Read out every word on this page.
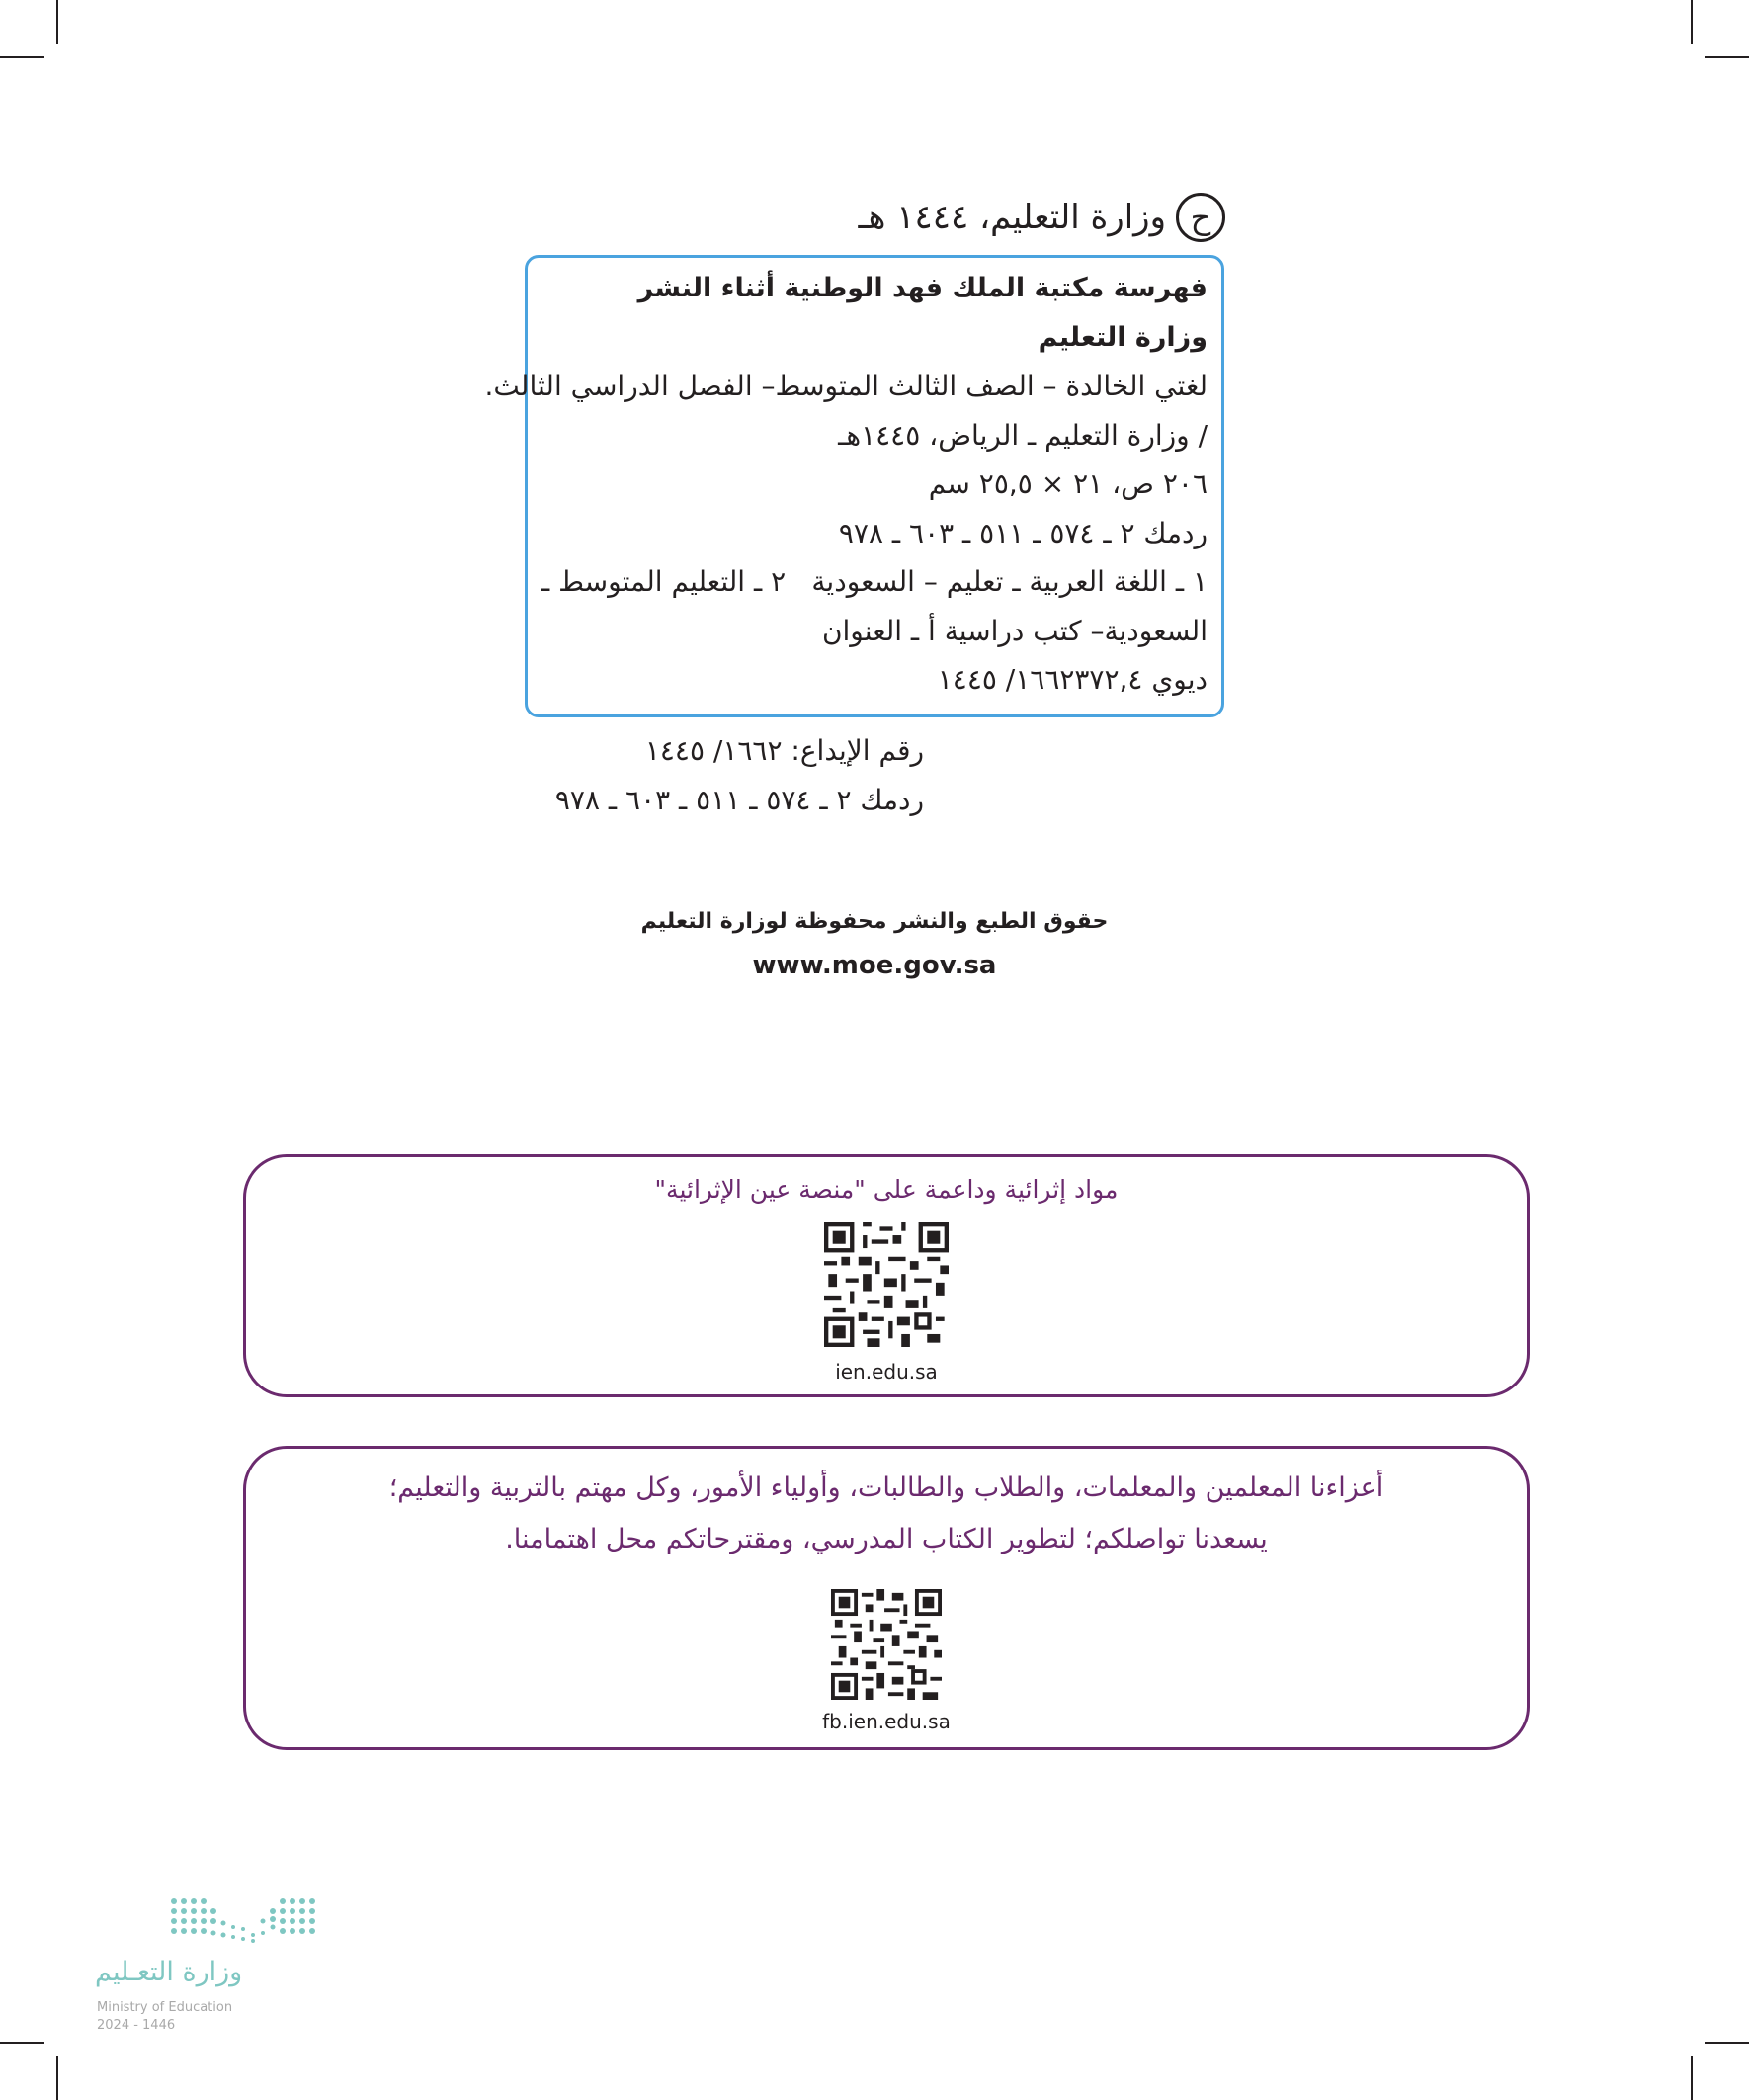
ح
وزارة التعليم، ١٤٤٤ هـ
فهرسة مكتبة الملك فهد الوطنية أثناء النشر
وزارة التعليم
لغتي الخالدة – الصف الثالث المتوسط– الفصل الدراسي الثالث.
/ وزارة التعليم ـ الرياض، ١٤٤٥هـ
٢٠٦ ص، ٢١ × ٢٥,٥ سم
ردمك ٢ ـ ٥٧٤ ـ ٥١١ ـ ٦٠٣ ـ ٩٧٨
١ ـ اللغة العربية ـ تعليم – السعودية
٢ ـ التعليم المتوسط ـ
السعودية– كتب دراسية أ ـ العنوان
ديوي ٣٧٢,٤
١٦٦٢/ ١٤٤٥
رقم الإيداع: ١٦٦٢/ ١٤٤٥
ردمك ٢ ـ ٥٧٤ ـ ٥١١ ـ ٦٠٣ ـ ٩٧٨
حقوق الطبع والنشر محفوظة لوزارة التعليم
www.moe.gov.sa
مواد إثرائية وداعمة على "منصة عين الإثرائية"
ien.edu.sa
أعزاءنا المعلمين والمعلمات، والطلاب والطالبات، وأولياء الأمور، وكل مهتم بالتربية والتعليم؛
يسعدنا تواصلكم؛ لتطوير الكتاب المدرسي، ومقترحاتكم محل اهتمامنا.
fb.ien.edu.sa
وزارة التعـليم
Ministry of Education
2024 - 1446
